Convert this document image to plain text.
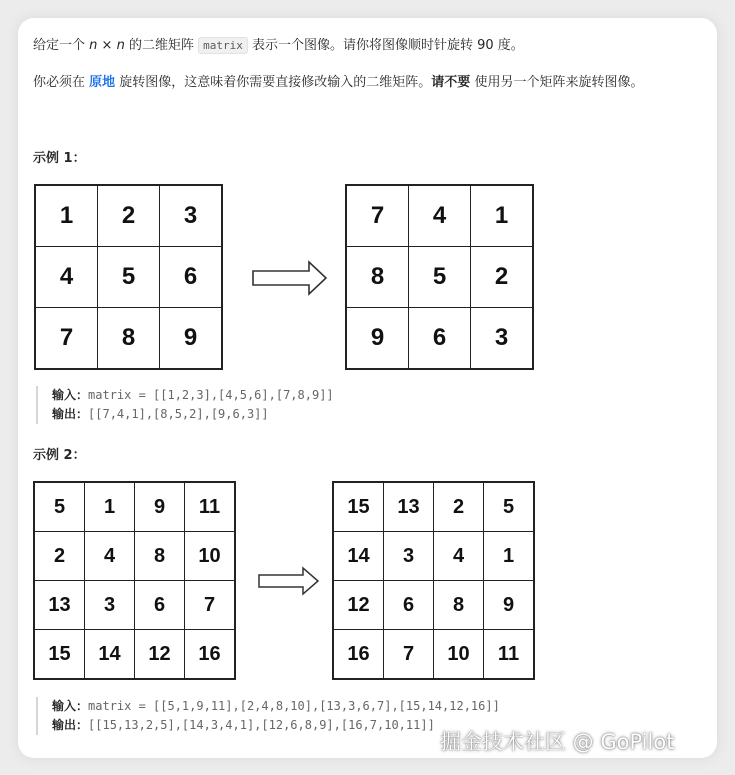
给定一个 n × n 的二维矩阵 matrix 表示一个图像。请你将图像顺时针旋转 90 度。
你必须在 原地 旋转图像，这意味着你需要直接修改输入的二维矩阵。请不要 使用另一个矩阵来旋转图像。
示例 1：
1	2	3
4	5	6
7	8	9
7	4	1
8	5	2
9	6	3
输入：matrix = [[1,2,3],[4,5,6],[7,8,9]]
输出：[[7,4,1],[8,5,2],[9,6,3]]
示例 2：
5	1	9	11
2	4	8	10
13	3	6	7
15	14	12	16
15	13	2	5
14	3	4	1
12	6	8	9
16	7	10	11
输入：matrix = [[5,1,9,11],[2,4,8,10],[13,3,6,7],[15,14,12,16]]
输出：[[15,13,2,5],[14,3,4,1],[12,6,8,9],[16,7,10,11]]
掘金技术社区 @ GoPilot
